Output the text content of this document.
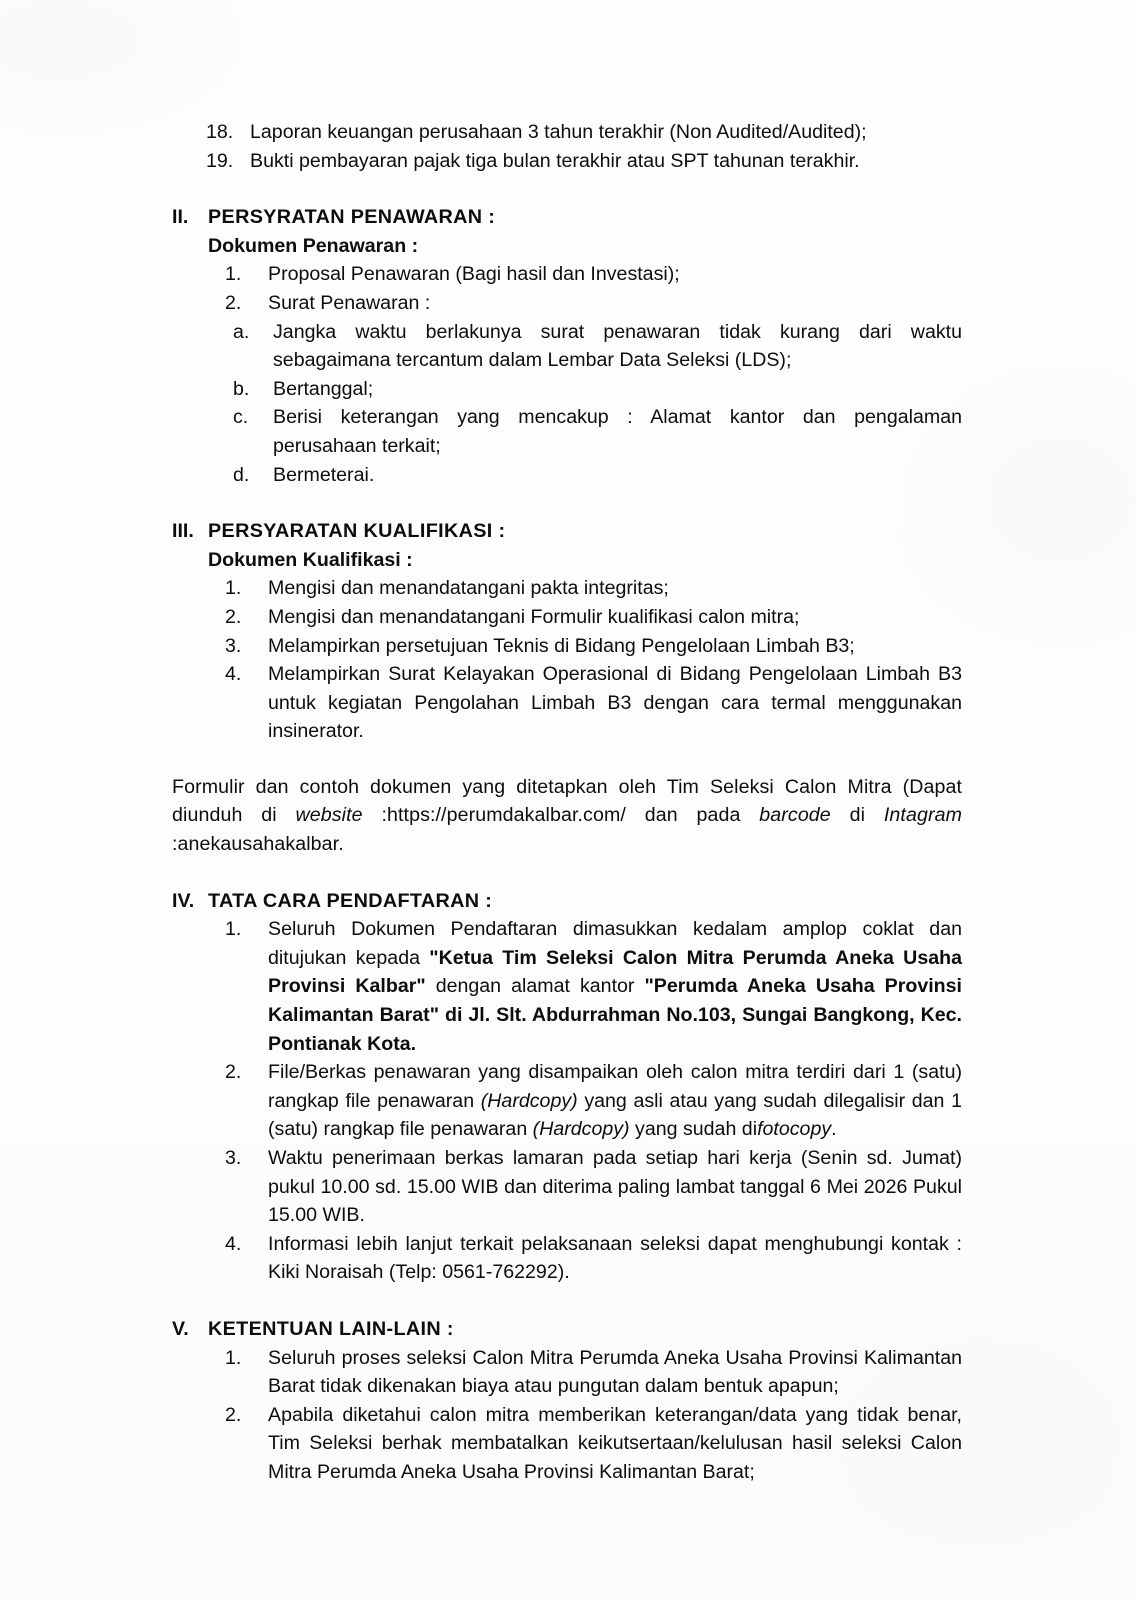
18. Laporan keuangan perusahaan 3 tahun terakhir (Non Audited/Audited);
19. Bukti pembayaran pajak tiga bulan terakhir atau SPT tahunan terakhir.
II. PERSYRATAN PENAWARAN :
Dokumen Penawaran :
1.	Proposal Penawaran (Bagi hasil dan Investasi);
2.	Surat Penawaran :
a.	Jangka waktu berlakunya surat penawaran tidak kurang dari waktu sebagaimana tercantum dalam Lembar Data Seleksi (LDS);
b.	Bertanggal;
c.	Berisi keterangan yang mencakup : Alamat kantor dan pengalaman perusahaan terkait;
d.	Bermeterai.
III. PERSYARATAN KUALIFIKASI :
Dokumen Kualifikasi :
1.	Mengisi dan menandatangani pakta integritas;
2.	Mengisi dan menandatangani Formulir kualifikasi calon mitra;
3.	Melampirkan persetujuan Teknis di Bidang Pengelolaan Limbah B3;
4.	Melampirkan Surat Kelayakan Operasional di Bidang Pengelolaan Limbah B3 untuk kegiatan Pengolahan Limbah B3 dengan cara termal menggunakan insinerator.
Formulir dan contoh dokumen yang ditetapkan oleh Tim Seleksi Calon Mitra (Dapat diunduh di website :https://perumdakalbar.com/ dan pada barcode di Intagram :anekausahakalbar.
IV. TATA CARA PENDAFTARAN :
1.	Seluruh Dokumen Pendaftaran dimasukkan kedalam amplop coklat dan ditujukan kepada "Ketua Tim Seleksi Calon Mitra Perumda Aneka Usaha Provinsi Kalbar" dengan alamat kantor "Perumda Aneka Usaha Provinsi Kalimantan Barat" di Jl. Slt. Abdurrahman No.103, Sungai Bangkong, Kec. Pontianak Kota.
2.	File/Berkas penawaran yang disampaikan oleh calon mitra terdiri dari 1 (satu) rangkap file penawaran (Hardcopy) yang asli atau yang sudah dilegalisir dan 1 (satu) rangkap file penawaran (Hardcopy) yang sudah difotocopy.
3.	Waktu penerimaan berkas lamaran pada setiap hari kerja (Senin sd. Jumat) pukul 10.00 sd. 15.00 WIB dan diterima paling lambat tanggal 6 Mei 2026 Pukul 15.00 WIB.
4.	Informasi lebih lanjut terkait pelaksanaan seleksi dapat menghubungi kontak : Kiki Noraisah (Telp: 0561-762292).
V. KETENTUAN LAIN-LAIN :
1.	Seluruh proses seleksi Calon Mitra Perumda Aneka Usaha Provinsi Kalimantan Barat tidak dikenakan biaya atau pungutan dalam bentuk apapun;
2.	Apabila diketahui calon mitra memberikan keterangan/data yang tidak benar, Tim Seleksi berhak membatalkan keikutsertaan/kelulusan hasil seleksi Calon Mitra Perumda Aneka Usaha Provinsi Kalimantan Barat;
